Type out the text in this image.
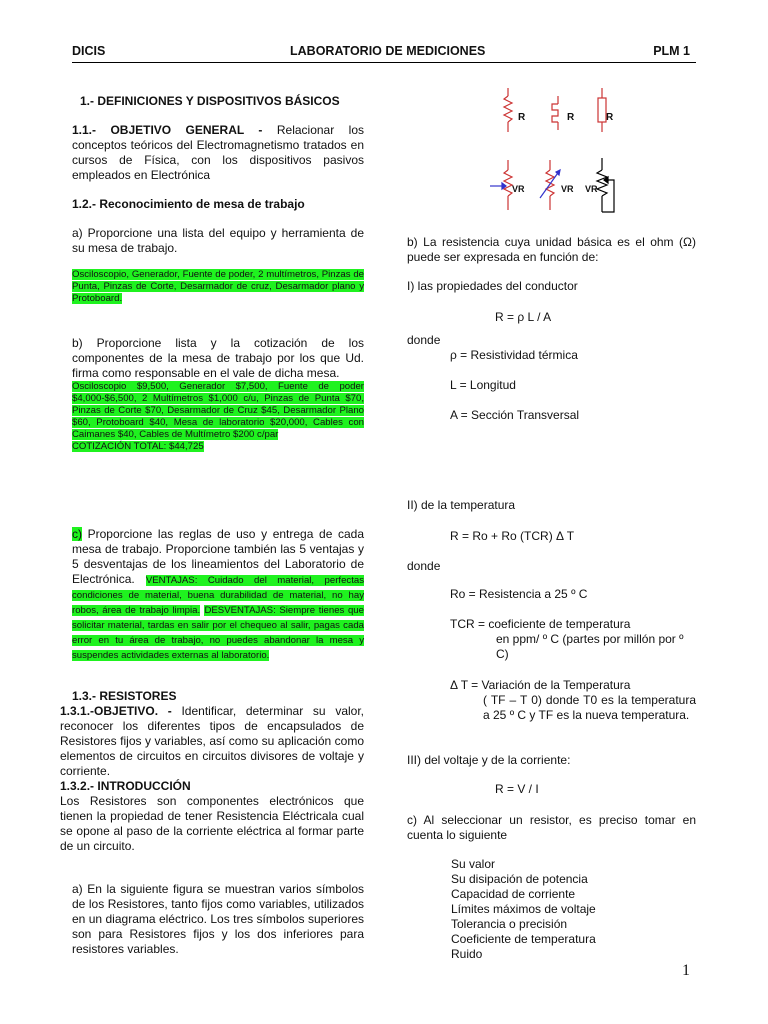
DICIS	LABORATORIO DE MEDICIONES	PLM 1
1.- DEFINICIONES Y DISPOSITIVOS BÁSICOS
1.1.- OBJETIVO GENERAL - Relacionar los conceptos teóricos del Electromagnetismo tratados en cursos de Física, con los dispositivos pasivos empleados en Electrónica
1.2.- Reconocimiento de mesa de trabajo
a) Proporcione una lista del equipo y herramienta de su mesa de trabajo.
Osciloscopio, Generador, Fuente de poder, 2 multímetros, Pinzas de Punta, Pinzas de Corte, Desarmador de cruz, Desarmador plano y Protoboard.
b) Proporcione lista y la cotización de los componentes de la mesa de trabajo por los que Ud. firma como responsable en el vale de dicha mesa.
Osciloscopio $9,500, Generador $7,500, Fuente de poder $4,000-$6,500, 2 Multímetros $1,000 c/u, Pinzas de Punta $70, Pinzas de Corte $70, Desarmador de Cruz $45, Desarmador Plano $60, Protoboard $40, Mesa de laboratorio $20,000, Cables con Caimanes $40, Cables de Multímetro $200 c/par
COTIZACIÓN TOTAL: $44,725
c) Proporcione las reglas de uso y entrega de cada mesa de trabajo. Proporcione también las 5 ventajas y 5 desventajas de los lineamientos del Laboratorio de Electrónica. VENTAJAS: Cuidado del material, perfectas condiciones de material, buena durabilidad de material, no hay robos, área de trabajo limpia. DESVENTAJAS: Siempre tienes que solicitar material, tardas en salir por el chequeo al salir, pagas cada error en tu área de trabajo, no puedes abandonar la mesa y suspendes actividades externas al laboratorio.
1.3.- RESISTORES
1.3.1.-OBJETIVO. - Identificar, determinar su valor, reconocer los diferentes tipos de encapsulados de Resistores fijos y variables, así como su aplicación como elementos de circuitos en circuitos divisores de voltaje y corriente.
1.3.2.- INTRODUCCIÓN
Los Resistores son componentes electrónicos que tienen la propiedad de tener Resistencia Eléctricala cual se opone al paso de la corriente eléctrica al formar parte de un circuito.
a) En la siguiente figura se muestran varios símbolos de los Resistores, tanto fijos como variables, utilizados en un diagrama eléctrico. Los tres símbolos superiores son para Resistores fijos y los dos inferiores para resistores variables.
R	R	R
VR	VR VR
b) La resistencia cuya unidad básica es el ohm (Ω) puede ser expresada en función de:
I) las propiedades del conductor
R = ρ L / A
donde
ρ = Resistividad térmica
L = Longitud
A = Sección Transversal
II) de la temperatura
R = Ro + Ro (TCR) Δ T
donde
Ro = Resistencia a 25 º C
TCR = coeficiente de temperatura
en ppm/ º C (partes por millón por º C)
Δ T = Variación de la Temperatura
( TF – T 0) donde T0 es la temperatura a 25 º C y TF es la nueva temperatura.
III) del voltaje y de la corriente:
R = V / I
c) Al seleccionar un resistor, es preciso tomar en cuenta lo siguiente
Su valor
Su disipación de potencia
Capacidad de corriente
Límites máximos de voltaje
Tolerancia o precisión
Coeficiente de temperatura
Ruido
1
